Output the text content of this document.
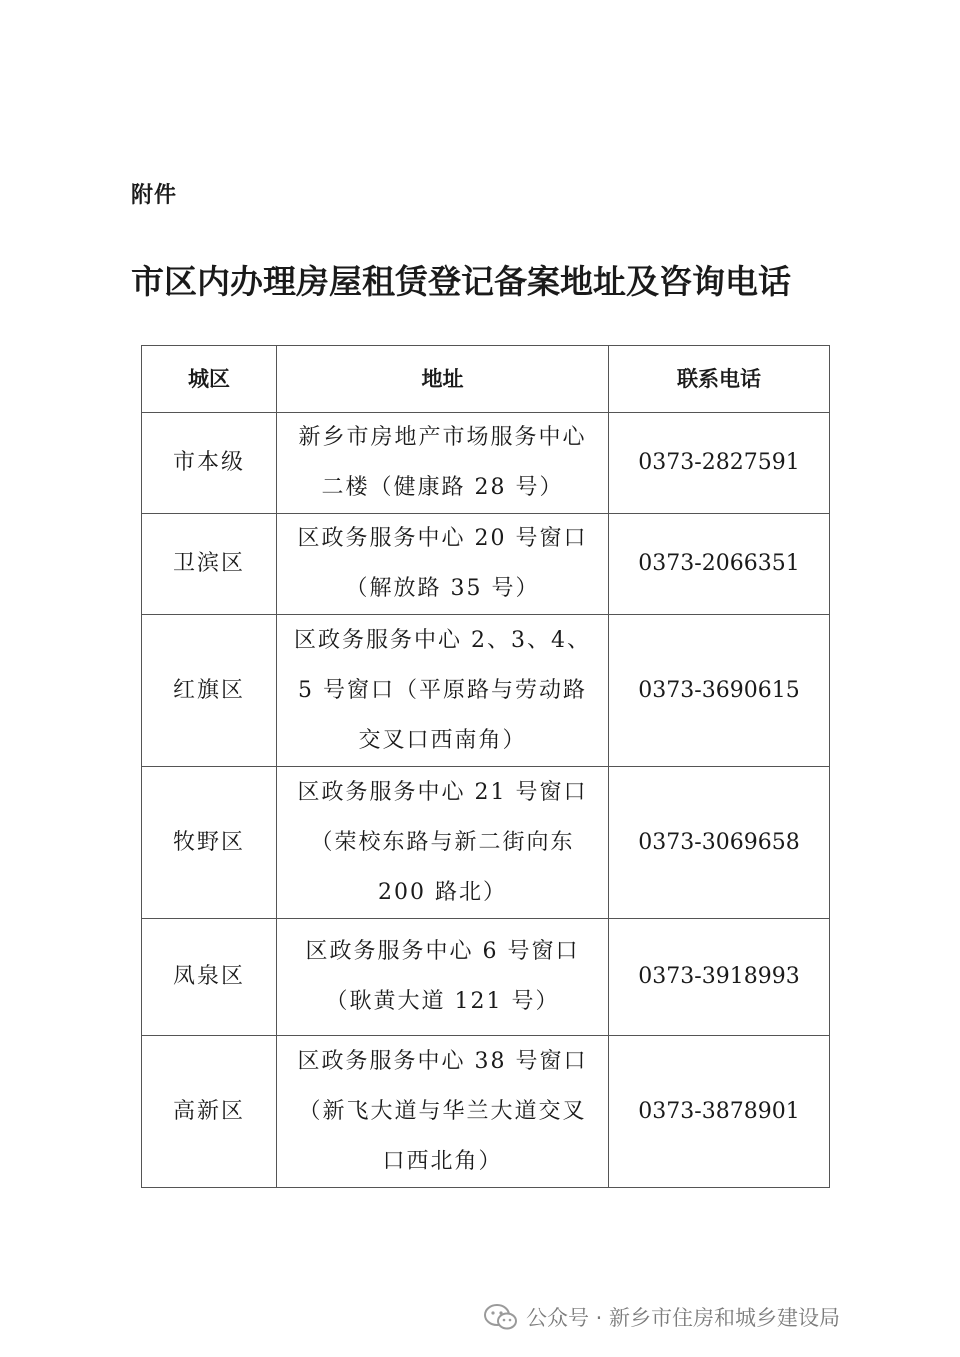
附件
市区内办理房屋租赁登记备案地址及咨询电话
城区	地址	联系电话
市本级	新乡市房地产市场服务中心二楼（健康路 28 号）	0373-2827591
卫滨区	区政务服务中心 20 号窗口（解放路 35 号）	0373-2066351
红旗区	区政务服务中心 2、3、4、5 号窗口（平原路与劳动路交叉口西南角）	0373-3690615
牧野区	区政务服务中心 21 号窗口（荣校东路与新二街向东 200 路北）	0373-3069658
凤泉区	区政务服务中心 6 号窗口（耿黄大道 121 号）	0373-3918993
高新区	区政务服务中心 38 号窗口（新飞大道与华兰大道交叉口西北角）	0373-3878901
公众号 · 新乡市住房和城乡建设局
